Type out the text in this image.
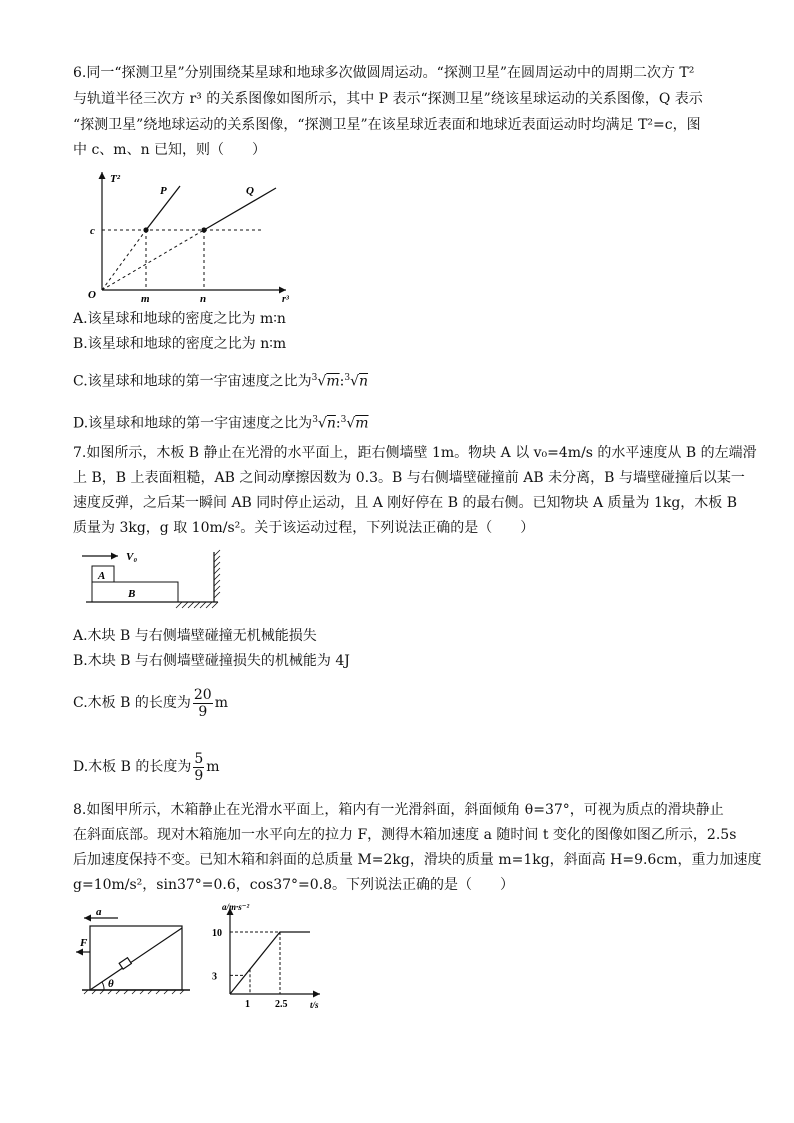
6.同一“探测卫星”分别围绕某星球和地球多次做圆周运动。“探测卫星”在圆周运动中的周期二次方 T²
与轨道半径三次方 r³ 的关系图像如图所示，其中 P 表示“探测卫星”绕该星球运动的关系图像，Q 表示
“探测卫星”绕地球运动的关系图像，“探测卫星”在该星球近表面和地球近表面运动时均满足 T²=c，图
中 c、m、n 已知，则（　　）
T²
r³
O
P	Q
c
m	n
A.该星球和地球的密度之比为 m∶n
B.该星球和地球的密度之比为 n∶m
C.该星球和地球的第一宇宙速度之比为$^3$√m:$^3$√n
D.该星球和地球的第一宇宙速度之比为$^3$√n:$^3$√m
7.如图所示，木板 B 静止在光滑的水平面上，距右侧墙壁 1m。物块 A 以 v₀=4m/s 的水平速度从 B 的左端滑
上 B，B 上表面粗糙，AB 之间动摩擦因数为 0.3。B 与右侧墙壁碰撞前 AB 未分离，B 与墙壁碰撞后以某一
速度反弹，之后某一瞬间 AB 同时停止运动，且 A 刚好停在 B 的最右侧。已知物块 A 质量为 1kg，木板 B
质量为 3kg，g 取 10m/s²。关于该运动过程，下列说法正确的是（　　）
V₀
A
B
A.木块 B 与右侧墙壁碰撞无机械能损失
B.木块 B 与右侧墙壁碰撞损失的机械能为 4J
C.木板 B 的长度为 $\frac{20}{9}$ m
D.木板 B 的长度为 $\frac{5}{9}$ m
8.如图甲所示，木箱静止在光滑水平面上，箱内有一光滑斜面，斜面倾角 θ=37°，可视为质点的滑块静止
在斜面底部。现对木箱施加一水平向左的拉力 F，测得木箱加速度 a 随时间 t 变化的图像如图乙所示，2.5s
后加速度保持不变。已知木箱和斜面的总质量 M=2kg，滑块的质量 m=1kg，斜面高 H=9.6cm，重力加速度
g=10m/s²，sin37°=0.6，cos37°=0.8。下列说法正确的是（　　）
a
F
θ
a/m·s⁻²
t/s
3
10
1	2.5
